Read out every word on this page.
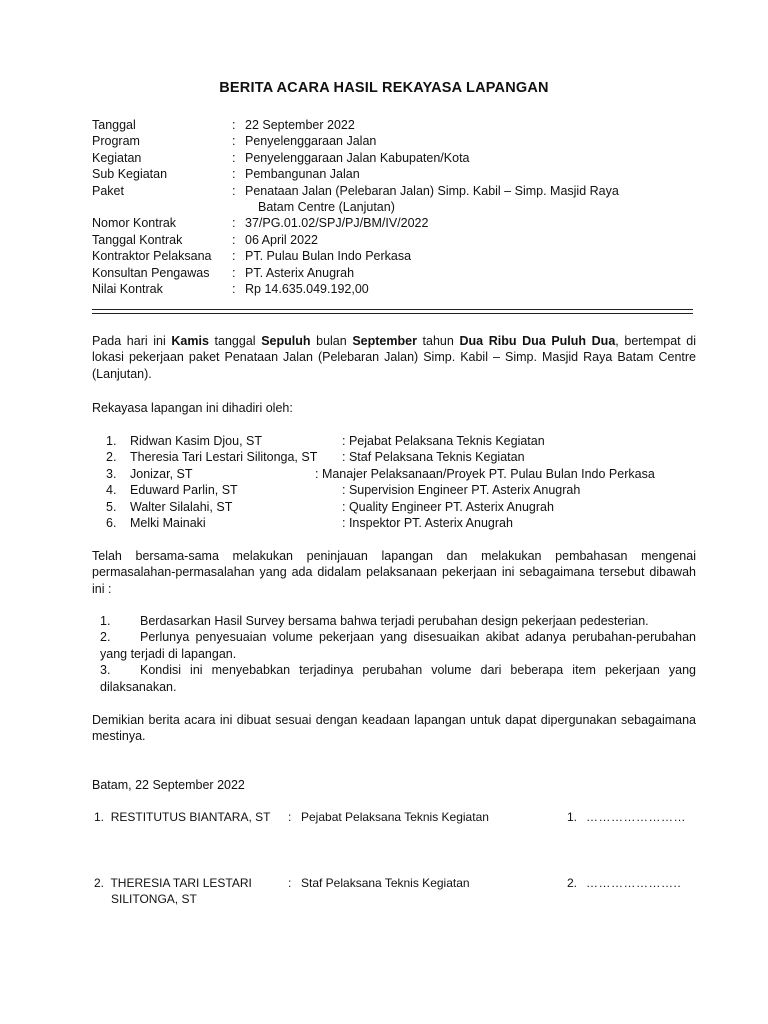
BERITA ACARA HASIL REKAYASA LAPANGAN
Tanggal	: 22 September 2022
Program	: Penyelenggaraan Jalan
Kegiatan	: Penyelenggaraan Jalan Kabupaten/Kota
Sub Kegiatan	: Pembangunan Jalan
Paket	: Penataan Jalan (Pelebaran Jalan) Simp. Kabil – Simp. Masjid Raya
Batam Centre (Lanjutan)
Nomor Kontrak	: 37/PG.01.02/SPJ/PJ/BM/IV/2022
Tanggal Kontrak	: 06 April 2022
Kontraktor Pelaksana : PT. Pulau Bulan Indo Perkasa
Konsultan Pengawas : PT. Asterix Anugrah
Nilai Kontrak	: Rp 14.635.049.192,00
Pada hari ini Kamis tanggal Sepuluh bulan September tahun Dua Ribu Dua Puluh Dua, bertempat di lokasi pekerjaan paket Penataan Jalan (Pelebaran Jalan) Simp. Kabil – Simp. Masjid Raya Batam Centre (Lanjutan).
Rekayasa lapangan ini dihadiri oleh:
1. Ridwan Kasim Djou, ST	: Pejabat Pelaksana Teknis Kegiatan
2. Theresia Tari Lestari Silitonga, ST : Staf Pelaksana Teknis Kegiatan
3. Jonizar, ST	: Manajer Pelaksanaan/Proyek PT. Pulau Bulan Indo Perkasa
4. Eduward Parlin, ST	: Supervision Engineer PT. Asterix Anugrah
5. Walter Silalahi, ST	: Quality Engineer PT. Asterix Anugrah
6. Melki Mainaki	: Inspektor PT. Asterix Anugrah
Telah bersama-sama melakukan peninjauan lapangan dan melakukan pembahasan mengenai permasalahan-permasalahan yang ada didalam pelaksanaan pekerjaan ini sebagaimana tersebut dibawah ini :
1.	Berdasarkan Hasil Survey bersama bahwa terjadi perubahan design pekerjaan pedesterian.
2.	Perlunya penyesuaian volume pekerjaan yang disesuaikan akibat adanya perubahan-perubahan yang terjadi di lapangan.
3.	Kondisi ini menyebabkan terjadinya perubahan volume dari beberapa item pekerjaan yang dilaksanakan.
Demikian berita acara ini dibuat sesuai dengan keadaan lapangan untuk dapat dipergunakan sebagaimana mestinya.
Batam, 22 September 2022
1. RESTITUTUS BIANTARA, ST : Pejabat Pelaksana Teknis Kegiatan	1. ……………………
2. THERESIA TARI LESTARI
SILITONGA, ST
: Staf Pelaksana Teknis Kegiatan	2. …………………..
